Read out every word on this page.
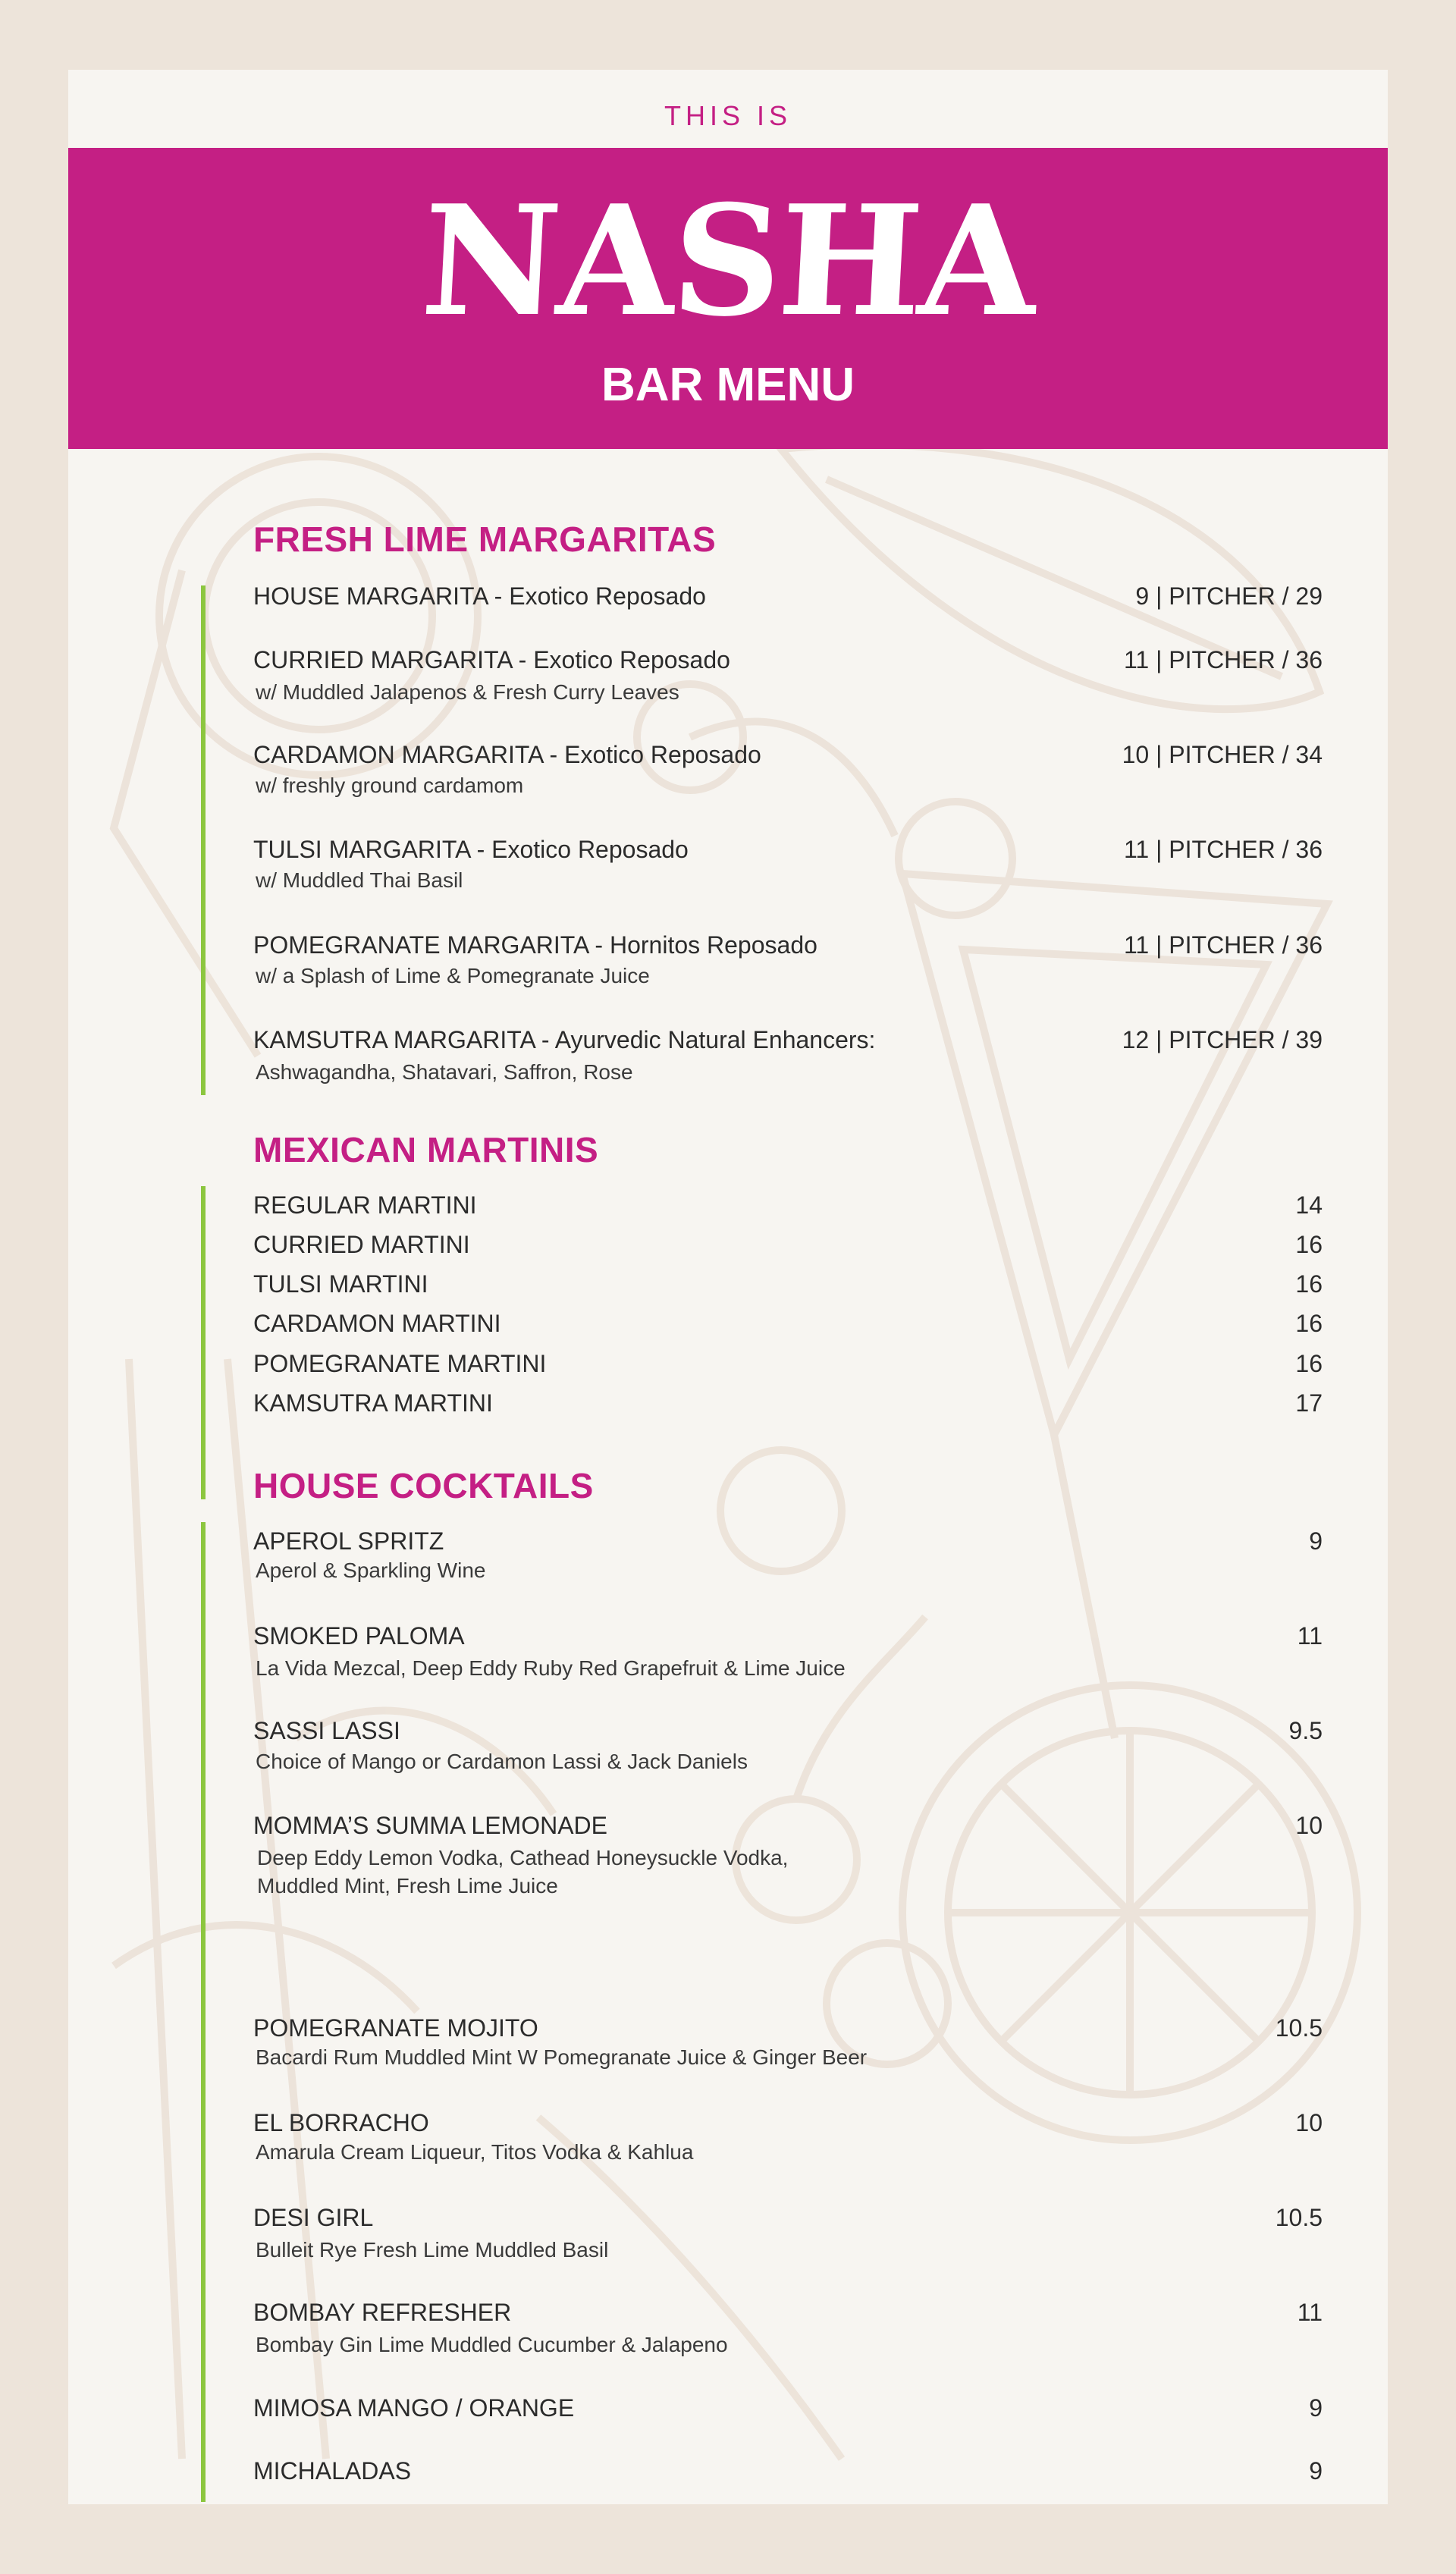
THIS IS
NASHA
BAR MENU
FRESH LIME MARGARITAS
HOUSE MARGARITA - Exotico Reposado	9 | PITCHER / 29
CURRIED MARGARITA - Exotico Reposado	11 | PITCHER / 36
w/ Muddled Jalapenos & Fresh Curry Leaves
CARDAMON MARGARITA - Exotico Reposado	10 | PITCHER / 34
w/ freshly ground cardamom
TULSI MARGARITA - Exotico Reposado	11 | PITCHER / 36
w/ Muddled Thai Basil
POMEGRANATE MARGARITA - Hornitos Reposado	11 | PITCHER / 36
w/ a Splash of Lime & Pomegranate Juice
KAMSUTRA MARGARITA - Ayurvedic Natural Enhancers:	12 | PITCHER / 39
Ashwagandha, Shatavari, Saffron, Rose
MEXICAN MARTINIS
REGULAR MARTINI	14
CURRIED MARTINI	16
TULSI MARTINI	16
CARDAMON MARTINI	16
POMEGRANATE MARTINI	16
KAMSUTRA MARTINI	17
HOUSE COCKTAILS
APEROL SPRITZ	9
Aperol & Sparkling Wine
SMOKED PALOMA	11
La Vida Mezcal, Deep Eddy Ruby Red Grapefruit & Lime Juice
SASSI LASSI	9.5
Choice of Mango or Cardamon Lassi & Jack Daniels
MOMMA’S SUMMA LEMONADE	10
Deep Eddy Lemon Vodka, Cathead Honeysuckle Vodka,
Muddled Mint, Fresh Lime Juice
POMEGRANATE MOJITO	10.5
Bacardi Rum Muddled Mint W Pomegranate Juice & Ginger Beer
EL BORRACHO	10
Amarula Cream Liqueur, Titos Vodka & Kahlua
DESI GIRL	10.5
Bulleit Rye Fresh Lime Muddled Basil
BOMBAY REFRESHER	11
Bombay Gin Lime Muddled Cucumber & Jalapeno
MIMOSA MANGO / ORANGE	9
MICHALADAS	9
